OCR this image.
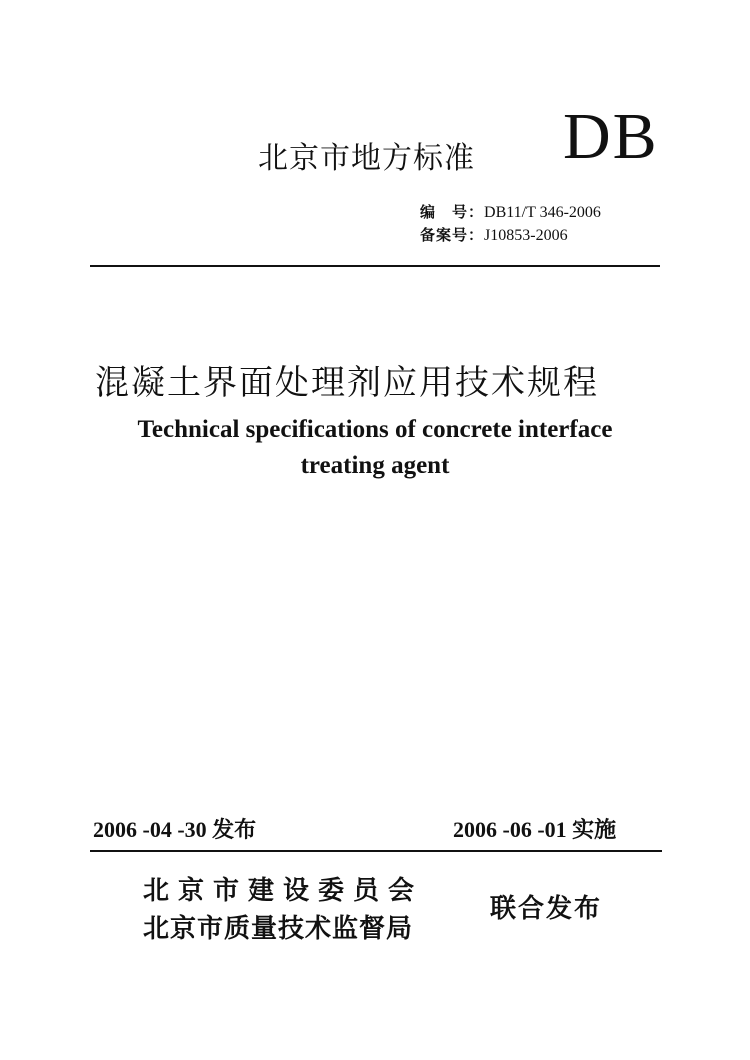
北京市地方标准 DB
编　号：DB11/T 346-2006
备案号：J10853-2006
混凝土界面处理剂应用技术规程
Technical specifications of concrete interface
treating agent
2006 -04 -30 发布	2006 -06 -01 实施
北京市建设委员会
北京市质量技术监督局
联合发布
